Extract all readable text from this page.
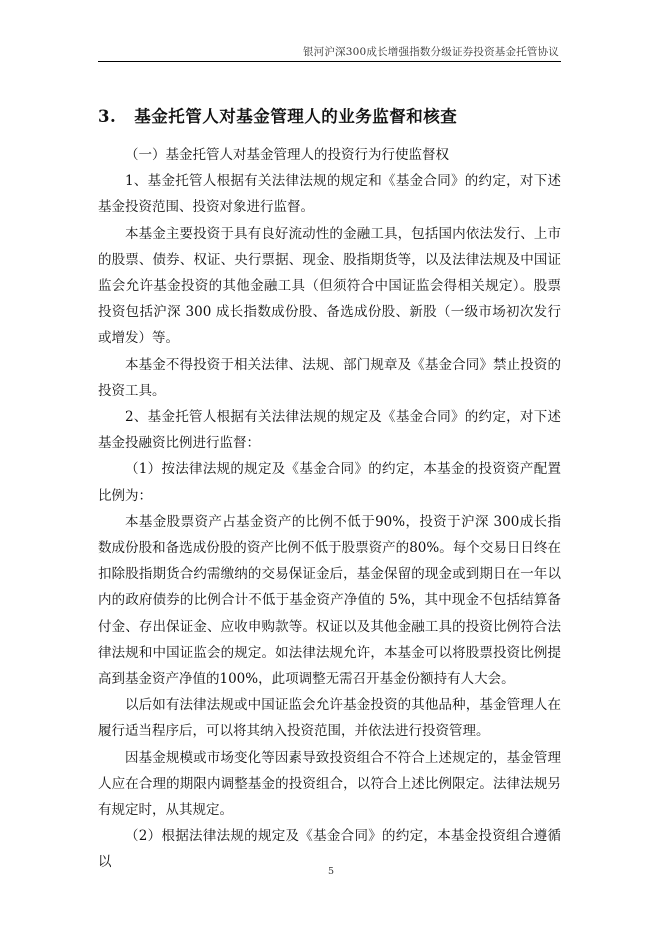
银河沪深300成长增强指数分级证券投资基金托管协议
3. 基金托管人对基金管理人的业务监督和核查

（一）基金托管人对基金管理人的投资行为行使监督权

1、基金托管人根据有关法律法规的规定和《基金合同》的约定，对下述基金投资范围、投资对象进行监督。

本基金主要投资于具有良好流动性的金融工具，包括国内依法发行、上市的股票、债券、权证、央行票据、现金、股指期货等，以及法律法规及中国证监会允许基金投资的其他金融工具（但须符合中国证监会得相关规定）。股票投资包括沪深 300 成长指数成份股、备选成份股、新股（一级市场初次发行或增发）等。

本基金不得投资于相关法律、法规、部门规章及《基金合同》禁止投资的投资工具。

2、基金托管人根据有关法律法规的规定及《基金合同》的约定，对下述基金投融资比例进行监督：

（1）按法律法规的规定及《基金合同》的约定，本基金的投资资产配置比例为：

本基金股票资产占基金资产的比例不低于90%，投资于沪深 300成长指数成份股和备选成份股的资产比例不低于股票资产的80%。每个交易日日终在扣除股指期货合约需缴纳的交易保证金后，基金保留的现金或到期日在一年以内的政府债券的比例合计不低于基金资产净值的 5%，其中现金不包括结算备付金、存出保证金、应收申购款等。权证以及其他金融工具的投资比例符合法律法规和中国证监会的规定。如法律法规允许，本基金可以将股票投资比例提高到基金资产净值的100%，此项调整无需召开基金份额持有人大会。

以后如有法律法规或中国证监会允许基金投资的其他品种，基金管理人在履行适当程序后，可以将其纳入投资范围，并依法进行投资管理。

因基金规模或市场变化等因素导致投资组合不符合上述规定的，基金管理人应在合理的期限内调整基金的投资组合，以符合上述比例限定。法律法规另有规定时，从其规定。

（2）根据法律法规的规定及《基金合同》的约定，本基金投资组合遵循以

5
